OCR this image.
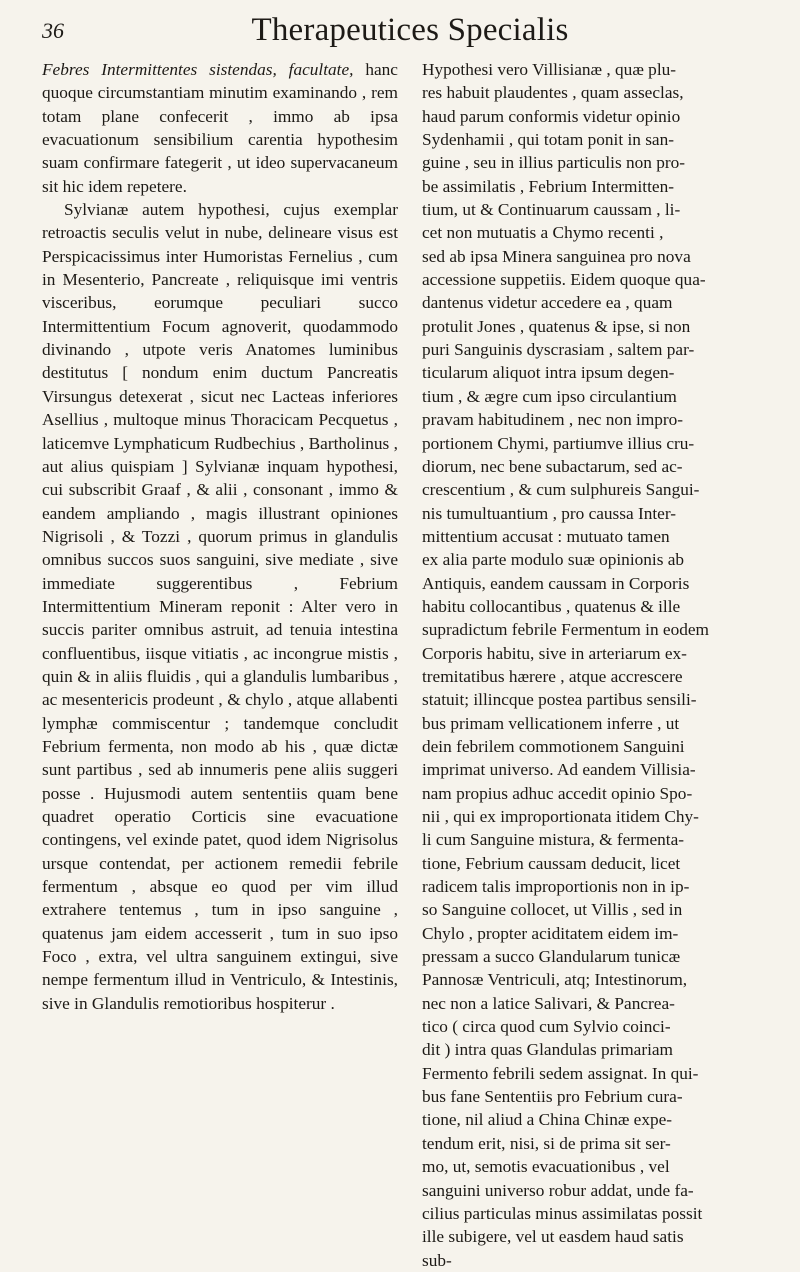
36	Therapeutices Specialis

Febres Intermittentes sistendas, facultate, hanc quoque circumstantiam minutim examinando , rem totam plane confecerit , immo ab ipsa evacuationum sensibilium carentia hypothesim suam confirmare fategerit , ut ideo supervacaneum sit hic idem repetere.

Sylvianæ autem hypothesi, cujus exemplar retroactis seculis velut in nube, delineare visus est Perspicacissimus inter Humoristas Fernelius , cum in Mesenterio, Pancreate , reliquisque imi ventris visceribus, eorumque peculiari succo Intermittentium Focum agnoverit, quodammodo divinando , utpote veris Anatomes luminibus destitutus [ nondum enim ductum Pancreatis Virsungus detexerat , sicut nec Lacteas inferiores Asellius , multoque minus Thoracicam Pecquetus , laticemve Lymphaticum Rudbechius , Bartholinus , aut alius quispiam ] Sylvianæ inquam hypothesi, cui subscribit Graaf , & alii , consonant , immo & eandem ampliando , magis illustrant opiniones Nigrisoli , & Tozzi , quorum primus in glandulis omnibus succos suos sanguini, sive mediate , sive immediate suggerentibus , Febrium Intermittentium Mineram reponit : Alter vero in succis pariter omnibus astruit, ad tenuia intestina confluentibus, iisque vitiatis , ac incongrue mistis , quin & in aliis fluidis , qui a glandulis lumbaribus , ac mesentericis prodeunt , & chylo , atque allabenti lymphæ commiscentur ; tandemque concludit Febrium fermenta, non modo ab his , quæ dictæ sunt partibus , sed ab innumeris pene aliis suggeri posse . Hujusmodi autem sententiis quam bene quadret operatio Corticis sine evacuatione contingens, vel exinde patet, quod idem Nigrisolus ursque contendat, per actionem remedii febrile fermentum , absque eo quod per vim illud extrahere tentemus , tum in ipso sanguine , quatenus jam eidem accesserit , tum in suo ipso Foco , extra, vel ultra sanguinem extingui, sive nempe fermentum illud in Ventriculo, & Intestinis, sive in Glandulis remotioribus hospiterur .

Hypothesi vero Villisianæ , quæ plu-
res habuit plaudentes , quam asseclas,
haud parum conformis videtur opinio
Sydenhamii , qui totam ponit in san-
guine , seu in illius particulis non pro-
be assimilatis , Febrium Intermitten-
tium, ut & Continuarum caussam , li-
cet non mutuatis a Chymo recenti ,
sed ab ipsa Minera sanguinea pro nova
accessione suppetiis. Eidem quoque qua-
dantenus videtur accedere ea , quam
protulit Jones , quatenus & ipse, si non
puri Sanguinis dyscrasiam , saltem par-
ticularum aliquot intra ipsum degen-
tium , & ægre cum ipso circulantium
pravam habitudinem , nec non impro-
portionem Chymi, partiumve illius cru-
diorum, nec bene subactarum, sed ac-
crescentium , & cum sulphureis Sangui-
nis tumultuantium , pro caussa Inter-
mittentium accusat : mutuato tamen
ex alia parte modulo suæ opinionis ab
Antiquis, eandem caussam in Corporis
habitu collocantibus , quatenus & ille
supradictum febrile Fermentum in eodem
Corporis habitu, sive in arteriarum ex-
tremitatibus hærere , atque accrescere
statuit; illincque postea partibus sensili-
bus primam vellicationem inferre , ut
dein febrilem commotionem Sanguini
imprimat universo. Ad eandem Villisia-
nam propius adhuc accedit opinio Spo-
nii , qui ex improportionata itidem Chy-
li cum Sanguine mistura, & fermenta-
tione, Febrium caussam deducit, licet
radicem talis improportionis non in ip-
so Sanguine collocet, ut Villis , sed in
Chylo , propter aciditatem eidem im-
pressam a succo Glandularum tunicæ
Pannosæ Ventriculi, atq; Intestinorum,
nec non a latice Salivari, & Pancrea-
tico ( circa quod cum Sylvio coinci-
dit ) intra quas Glandulas primariam
Fermento febrili sedem assignat. In qui-
bus fane Sententiis pro Febrium cura-
tione, nil aliud a China Chinæ expe-
tendum erit, nisi, si de prima sit ser-
mo, ut, semotis evacuationibus , vel
sanguini universo robur addat, unde fa-
cilius particulas minus assimilatas possit
ille subigere, vel ut easdem haud satis
sub-
